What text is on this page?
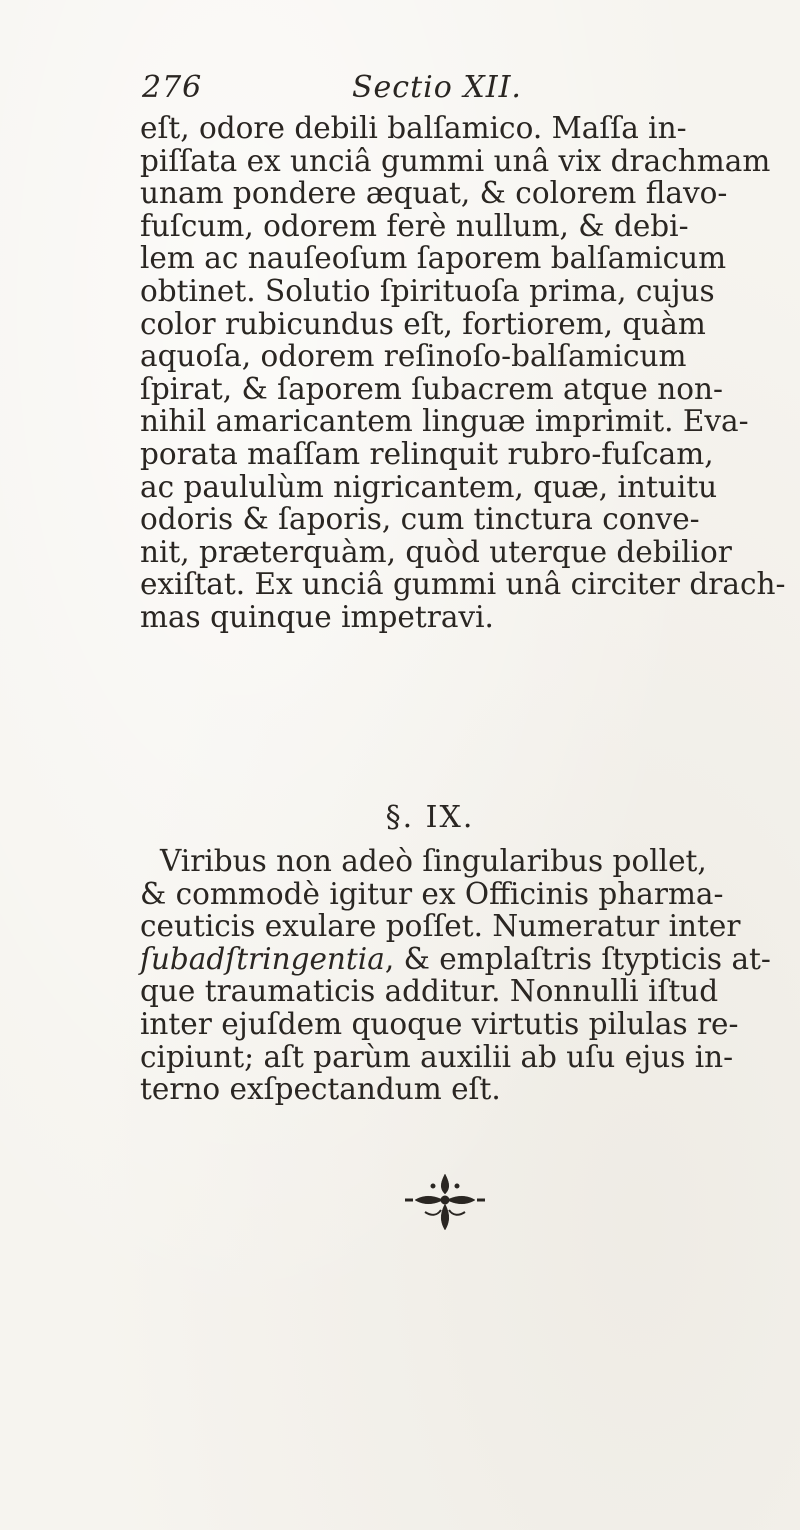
276	Sectio XII.

eſt, odore debili balſamico. Maſſa in-
piſſata ex unciâ gummi unâ vix drachmam
unam pondere æquat, & colorem flavo-
fuſcum, odorem ferè nullum, & debi-
lem ac nauſeoſum ſaporem balſamicum
obtinet. Solutio ſpirituoſa prima, cujus
color rubicundus eſt, fortiorem, quàm
aquoſa, odorem reſinoſo-balſamicum
ſpirat, & ſaporem ſubacrem atque non-
nihil amaricantem linguæ imprimit. Eva-
porata maſſam relinquit rubro-fuſcam,
ac paululùm nigricantem, quæ, intuitu
odoris & ſaporis, cum tinctura conve-
nit, præterquàm, quòd uterque debilior
exiſtat. Ex unciâ gummi unâ circiter drach-
mas quinque impetravi.

§. IX.

Viribus non adeò ſingularibus pollet,
& commodè igitur ex Officinis pharma-
ceuticis exulare poſſet. Numeratur inter
ſubadſtringentia, & emplaſtris ſtypticis at-
que traumaticis additur. Nonnulli iſtud
inter ejuſdem quoque virtutis pilulas re-
cipiunt; aſt parùm auxilii ab uſu ejus in-
terno exſpectandum eſt.
